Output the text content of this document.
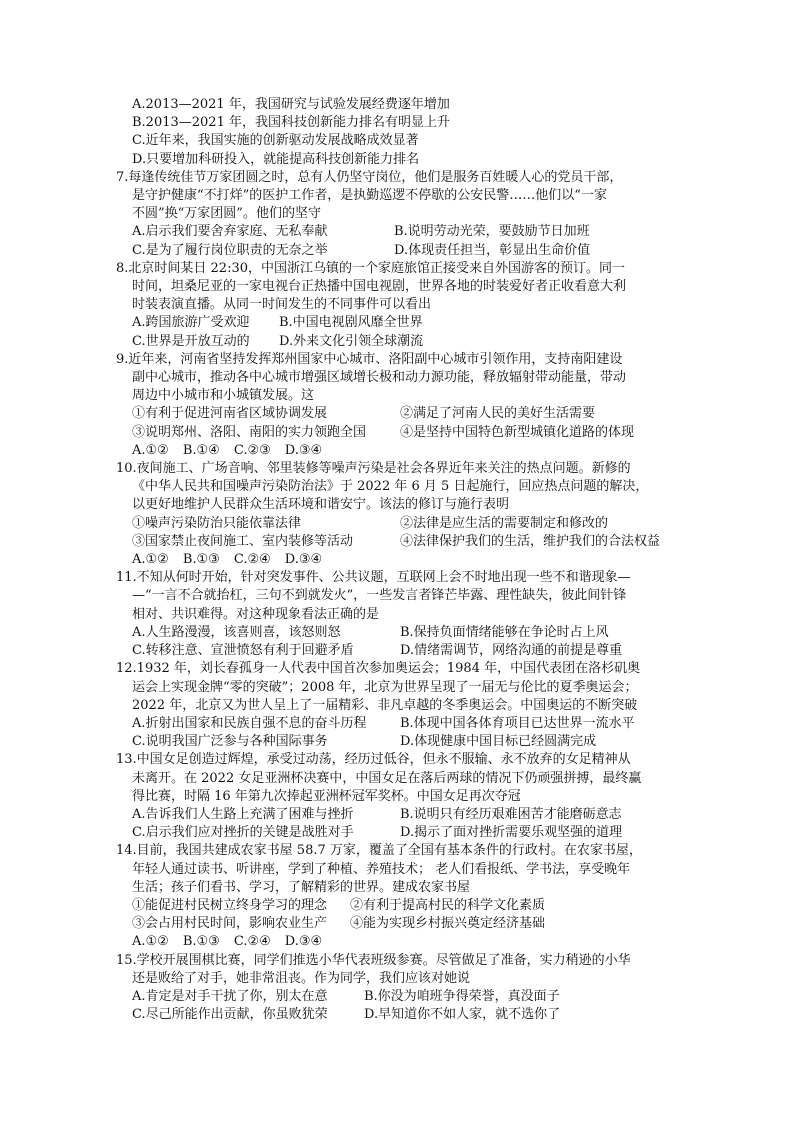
A.2013—2021 年，我国研究与试验发展经费逐年增加
B.2013—2021 年，我国科技创新能力排名有明显上升
C.近年来，我国实施的创新驱动发展战略成效显著
D.只要增加科研投入，就能提高科技创新能力排名
7.每逢传统佳节万家团圆之时，总有人仍坚守岗位，他们是服务百姓暖人心的党员干部，
是守护健康“不打烊”的医护工作者，是执勤巡逻不停歇的公安民警……他们以“一家
不圆”换“万家团圆”。他们的坚守
A.启示我们要舍弃家庭、无私奉献	B.说明劳动光荣，要鼓励节日加班
C.是为了履行岗位职责的无奈之举	D.体现责任担当，彰显出生命价值
8.北京时间某日 22:30，中国浙江乌镇的一个家庭旅馆正接受来自外国游客的预订。同一
时间，坦桑尼亚的一家电视台正热播中国电视剧，世界各地的时装爱好者正收看意大利
时装表演直播。从同一时间发生的不同事件可以看出
A.跨国旅游广受欢迎 B.中国电视剧风靡全世界
C.世界是开放互动的 D.外来文化引领全球潮流
9.近年来，河南省坚持发挥郑州国家中心城市、洛阳副中心城市引领作用，支持南阳建设
副中心城市，推动各中心城市增强区域增长极和动力源功能，释放辐射带动能量，带动
周边中小城市和小城镇发展。这
①有利于促进河南省区域协调发展	②满足了河南人民的美好生活需要
③说明郑州、洛阳、南阳的实力领跑全国	④是坚持中国特色新型城镇化道路的体现
A.①② B.①④ C.②③ D.③④
10.夜间施工、广场音响、邻里装修等噪声污染是社会各界近年来关注的热点问题。新修的
《中华人民共和国噪声污染防治法》于 2022 年 6 月 5 日起施行，回应热点问题的解决，
以更好地维护人民群众生活环境和谐安宁。该法的修订与施行表明
①噪声污染防治只能依靠法律	②法律是应生活的需要制定和修改的
③国家禁止夜间施工、室内装修等活动	④法律保护我们的生活，维护我们的合法权益
A.①② B.①③ C.②④ D.③④
11.不知从何时开始，针对突发事件、公共议题，互联网上会不时地出现一些不和谐现象—
—“一言不合就抬杠，三句不到就发火”，一些发言者锋芒毕露、理性缺失，彼此间针锋
相对、共识难得。对这种现象看法正确的是
A.人生路漫漫，该喜则喜，该怒则怒	B.保持负面情绪能够在争论时占上风
C.转移注意、宣泄愤怒有利于回避矛盾	D.情绪需调节，网络沟通的前提是尊重
12.1932 年，刘长春孤身一人代表中国首次参加奥运会；1984 年，中国代表团在洛杉矶奥
运会上实现金牌“零的突破”；2008 年，北京为世界呈现了一届无与伦比的夏季奥运会；
2022 年，北京又为世人呈上了一届精彩、非凡卓越的冬季奥运会。中国奥运的不断突破
A.折射出国家和民族自强不息的奋斗历程	B.体现中国各体育项目已达世界一流水平
C.说明我国广泛参与各种国际事务	D.体现健康中国目标已经圆满完成
13.中国女足创造过辉煌，承受过动荡，经历过低谷，但永不服输、永不放弃的女足精神从
未离开。在 2022 女足亚洲杯决赛中，中国女足在落后两球的情况下仍顽强拼搏，最终赢
得比赛，时隔 16 年第九次捧起亚洲杯冠军奖杯。中国女足再次夺冠
A.告诉我们人生路上充满了困难与挫折	B.说明只有经历艰难困苦才能磨砺意志
C.启示我们应对挫折的关键是战胜对手	D.揭示了面对挫折需要乐观坚强的道理
14.目前，我国共建成农家书屋 58.7 万家，覆盖了全国有基本条件的行政村。在农家书屋，
年轻人通过读书、听讲座，学到了种植、养殖技术； 老人们看报纸、学书法，享受晚年
生活；孩子们看书、学习，了解精彩的世界。建成农家书屋
①能促进村民树立终身学习的理念 ②有利于提高村民的科学文化素质
③会占用村民时间，影响农业生产 ④能为实现乡村振兴奠定经济基础
A.①② B.①③ C.②④ D.③④
15.学校开展围棋比赛，同学们推选小华代表班级参赛。尽管做足了准备，实力稍逊的小华
还是败给了对手，她非常沮丧。作为同学，我们应该对她说
A.肯定是对手干扰了你，别太在意	B.你没为咱班争得荣誉，真没面子
C.尽己所能作出贡献，你虽败犹荣	D.早知道你不如人家，就不选你了
